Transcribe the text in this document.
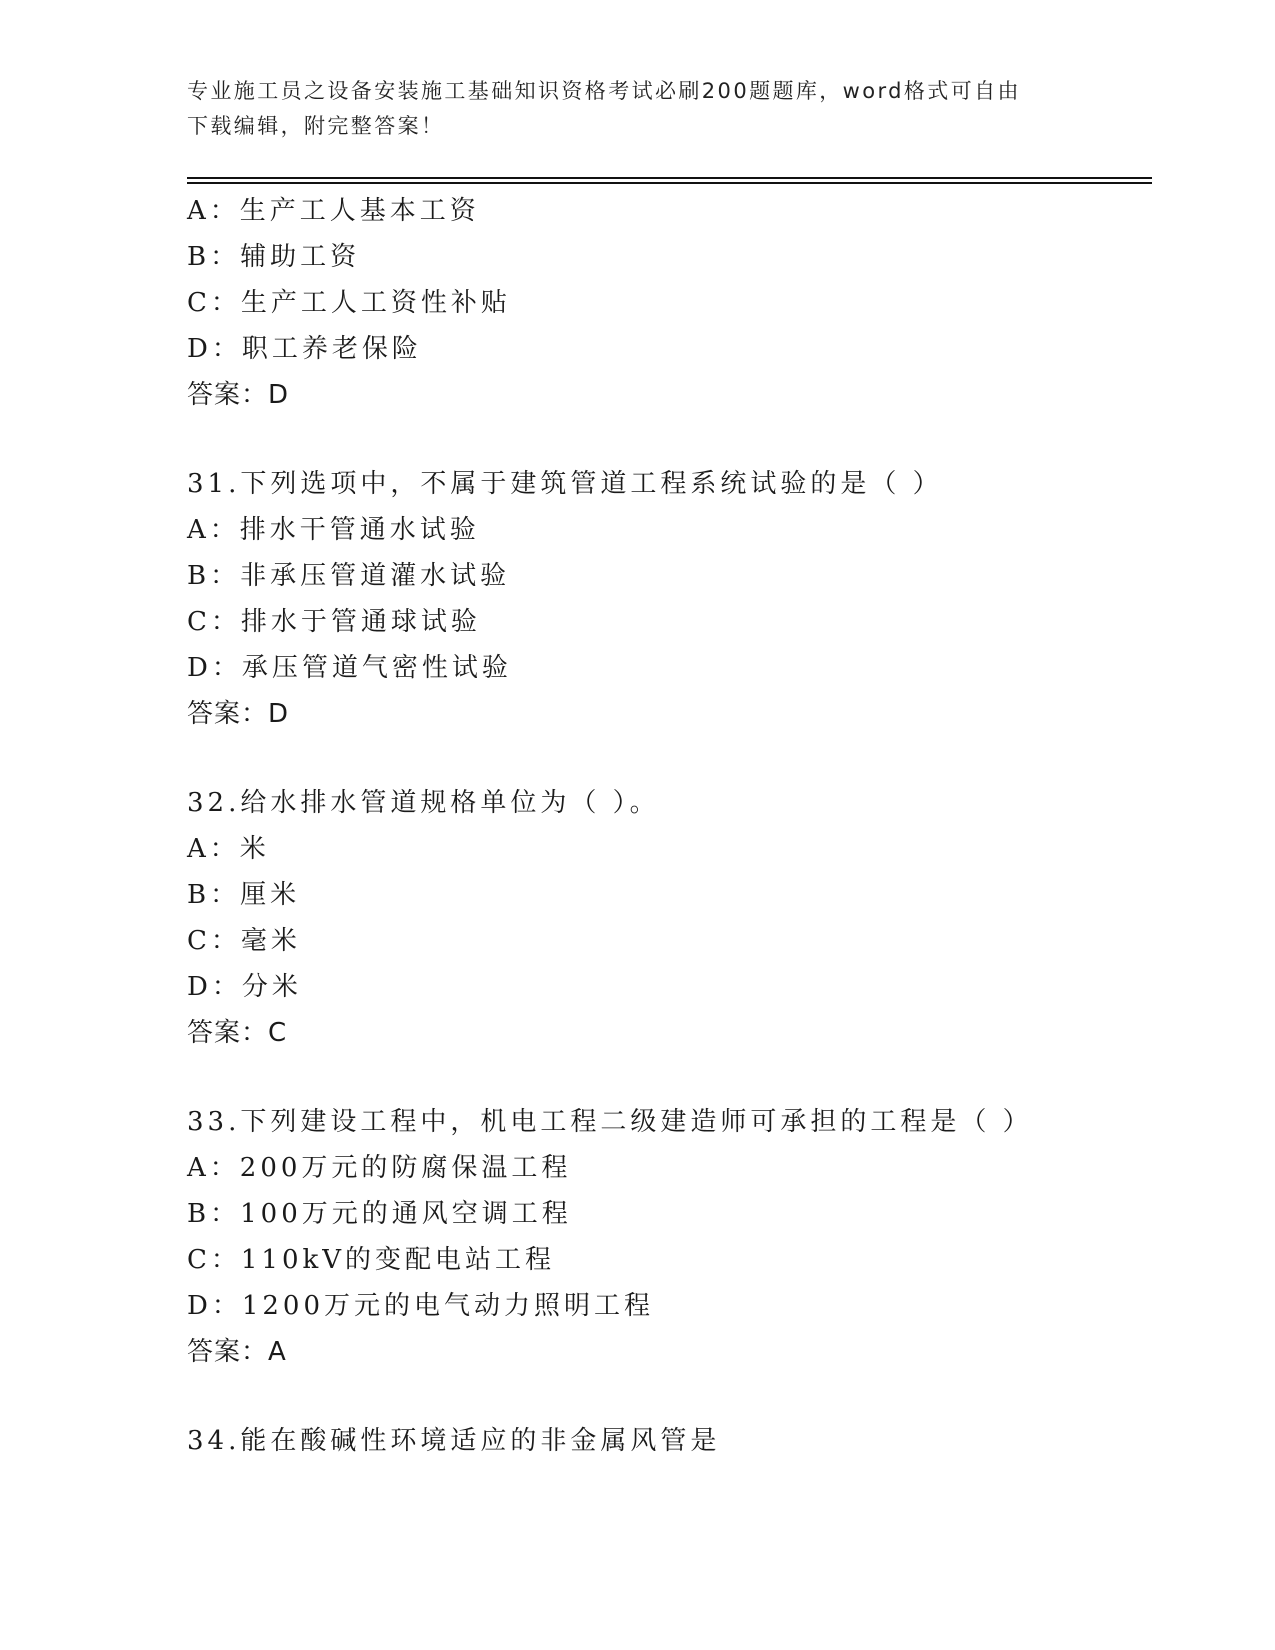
专业施工员之设备安装施工基础知识资格考试必刷200题题库，word格式可自由
下载编辑，附完整答案！
A：生产工人基本工资
B：辅助工资
C：生产工人工资性补贴
D：职工养老保险
答案：D
31.下列选项中，不属于建筑管道工程系统试验的是（ ）
A：排水干管通水试验
B：非承压管道灌水试验
C：排水于管通球试验
D：承压管道气密性试验
答案：D
32.给水排水管道规格单位为（ ）。
A：米
B：厘米
C：毫米
D：分米
答案：C
33.下列建设工程中，机电工程二级建造师可承担的工程是（ ）
A：200万元的防腐保温工程
B：100万元的通风空调工程
C：110kV的变配电站工程
D：1200万元的电气动力照明工程
答案：A
34.能在酸碱性环境适应的非金属风管是
